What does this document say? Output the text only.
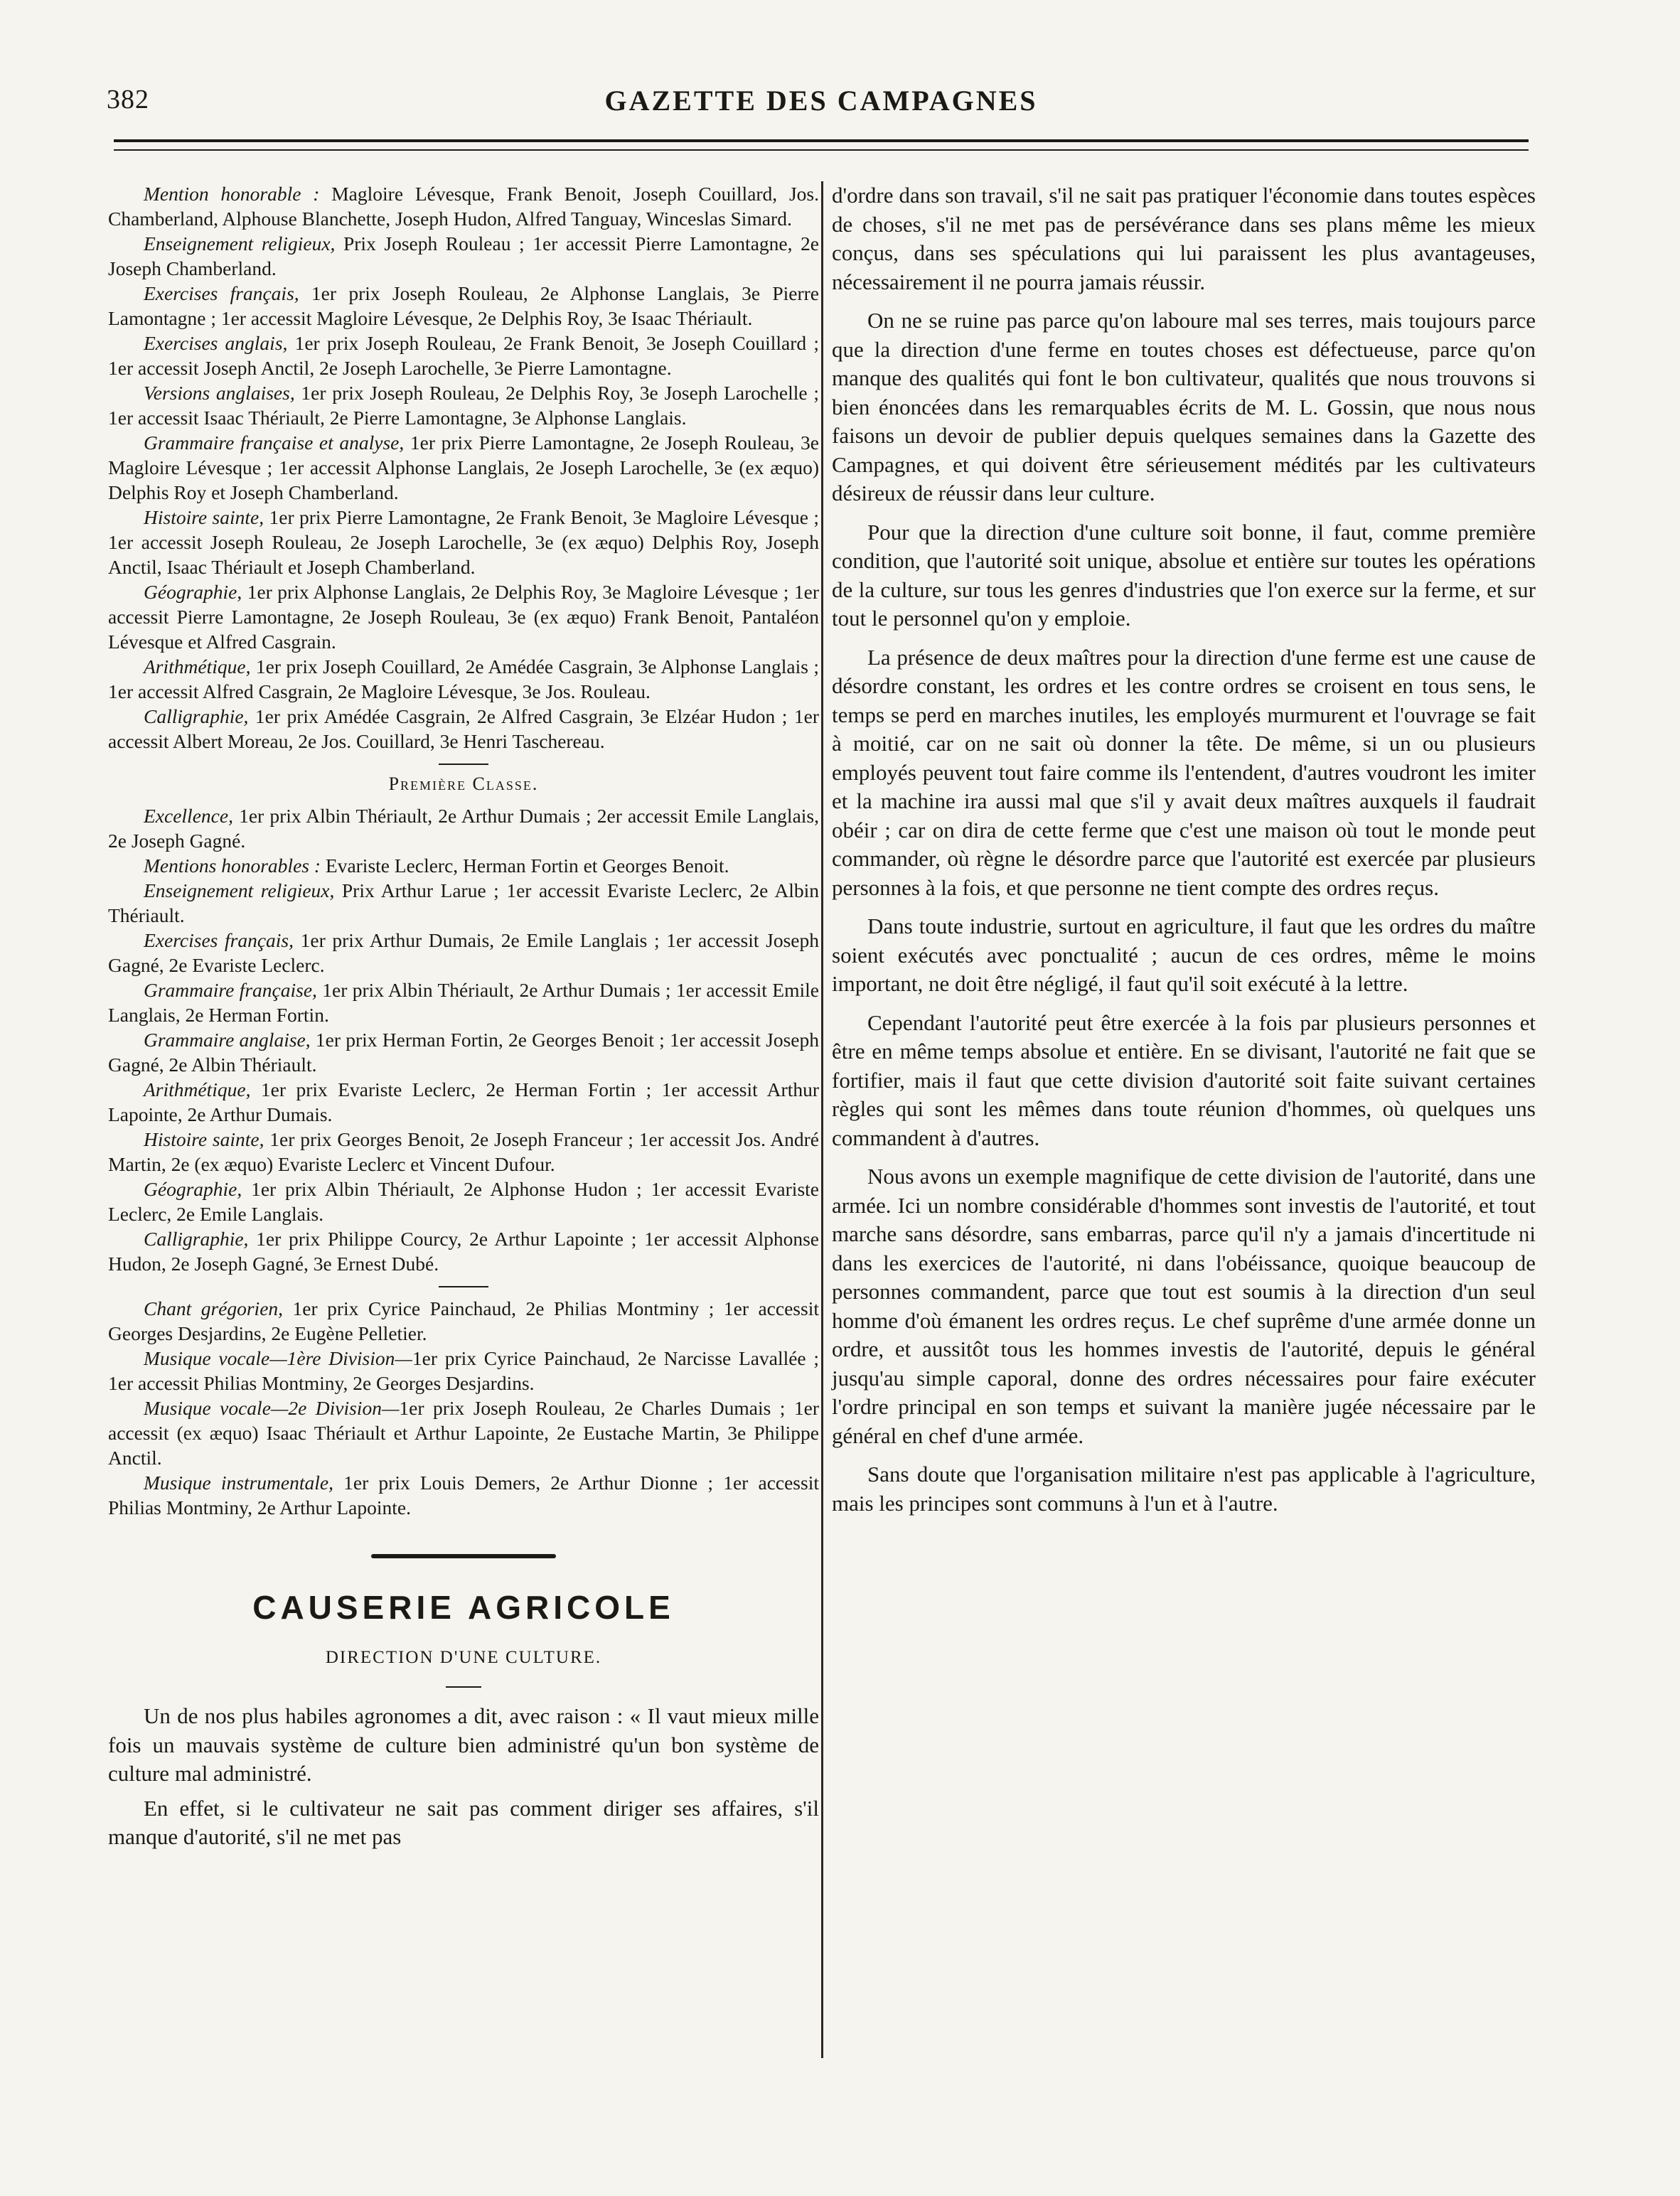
382	GAZETTE DES CAMPAGNES

Mention honorable : Magloire Lévesque, Frank Benoit, Joseph Couillard, Jos. Chamberland, Alphouse Blanchette, Joseph Hudon, Alfred Tanguay, Winceslas Simard.

Enseignement religieux, Prix Joseph Rouleau ; 1er accessit Pierre Lamontagne, 2e Joseph Chamberland.

Exercises français, 1er prix Joseph Rouleau, 2e Alphonse Langlais, 3e Pierre Lamontagne ; 1er accessit Magloire Lévesque, 2e Delphis Roy, 3e Isaac Thériault.

Exercises anglais, 1er prix Joseph Rouleau, 2e Frank Benoit, 3e Joseph Couillard ; 1er accessit Joseph Anctil, 2e Joseph Larochelle, 3e Pierre Lamontagne.

Versions anglaises, 1er prix Joseph Rouleau, 2e Delphis Roy, 3e Joseph Larochelle ; 1er accessit Isaac Thériault, 2e Pierre Lamontagne, 3e Alphonse Langlais.

Grammaire française et analyse, 1er prix Pierre Lamontagne, 2e Joseph Rouleau, 3e Magloire Lévesque ; 1er accessit Alphonse Langlais, 2e Joseph Larochelle, 3e (ex æquo) Delphis Roy et Joseph Chamberland.

Histoire sainte, 1er prix Pierre Lamontagne, 2e Frank Benoit, 3e Magloire Lévesque ; 1er accessit Joseph Rouleau, 2e Joseph Larochelle, 3e (ex æquo) Delphis Roy, Joseph Anctil, Isaac Thériault et Joseph Chamberland.

Géographie, 1er prix Alphonse Langlais, 2e Delphis Roy, 3e Magloire Lévesque ; 1er accessit Pierre Lamontagne, 2e Joseph Rouleau, 3e (ex æquo) Frank Benoit, Pantaléon Lévesque et Alfred Casgrain.

Arithmétique, 1er prix Joseph Couillard, 2e Amédée Casgrain, 3e Alphonse Langlais ; 1er accessit Alfred Casgrain, 2e Magloire Lévesque, 3e Jos. Rouleau.

Calligraphie, 1er prix Amédée Casgrain, 2e Alfred Casgrain, 3e Elzéar Hudon ; 1er accessit Albert Moreau, 2e Jos. Couillard, 3e Henri Taschereau.

Première Classe.

Excellence, 1er prix Albin Thériault, 2e Arthur Dumais ; 2er accessit Emile Langlais, 2e Joseph Gagné.

Mentions honorables : Evariste Leclerc, Herman Fortin et Georges Benoit.

Enseignement religieux, Prix Arthur Larue ; 1er accessit Evariste Leclerc, 2e Albin Thériault.

Exercises français, 1er prix Arthur Dumais, 2e Emile Langlais ; 1er accessit Joseph Gagné, 2e Evariste Leclerc.

Grammaire française, 1er prix Albin Thériault, 2e Arthur Dumais ; 1er accessit Emile Langlais, 2e Herman Fortin.

Grammaire anglaise, 1er prix Herman Fortin, 2e Georges Benoit ; 1er accessit Joseph Gagné, 2e Albin Thériault.

Arithmétique, 1er prix Evariste Leclerc, 2e Herman Fortin ; 1er accessit Arthur Lapointe, 2e Arthur Dumais.

Histoire sainte, 1er prix Georges Benoit, 2e Joseph Franceur ; 1er accessit Jos. André Martin, 2e (ex æquo) Evariste Leclerc et Vincent Dufour.

Géographie, 1er prix Albin Thériault, 2e Alphonse Hudon ; 1er accessit Evariste Leclerc, 2e Emile Langlais.

Calligraphie, 1er prix Philippe Courcy, 2e Arthur Lapointe ; 1er accessit Alphonse Hudon, 2e Joseph Gagné, 3e Ernest Dubé.

Chant grégorien, 1er prix Cyrice Painchaud, 2e Philias Montminy ; 1er accessit Georges Desjardins, 2e Eugène Pelletier.

Musique vocale—1ère Division—1er prix Cyrice Painchaud, 2e Narcisse Lavallée ; 1er accessit Philias Montminy, 2e Georges Desjardins.

Musique vocale—2e Division—1er prix Joseph Rouleau, 2e Charles Dumais ; 1er accessit (ex æquo) Isaac Thériault et Arthur Lapointe, 2e Eustache Martin, 3e Philippe Anctil.

Musique instrumentale, 1er prix Louis Demers, 2e Arthur Dionne ; 1er accessit Philias Montminy, 2e Arthur Lapointe.

CAUSERIE AGRICOLE
DIRECTION D'UNE CULTURE.

Un de nos plus habiles agronomes a dit, avec raison : « Il vaut mieux mille fois un mauvais système de culture bien administré qu'un bon système de culture mal administré.

En effet, si le cultivateur ne sait pas comment diriger ses affaires, s'il manque d'autorité, s'il ne met pas

d'ordre dans son travail, s'il ne sait pas pratiquer l'économie dans toutes espèces de choses, s'il ne met pas de persévérance dans ses plans même les mieux conçus, dans ses spéculations qui lui paraissent les plus avantageuses, nécessairement il ne pourra jamais réussir.

On ne se ruine pas parce qu'on laboure mal ses terres, mais toujours parce que la direction d'une ferme en toutes choses est défectueuse, parce qu'on manque des qualités qui font le bon cultivateur, qualités que nous trouvons si bien énoncées dans les remarquables écrits de M. L. Gossin, que nous nous faisons un devoir de publier depuis quelques semaines dans la Gazette des Campagnes, et qui doivent être sérieusement médités par les cultivateurs désireux de réussir dans leur culture.

Pour que la direction d'une culture soit bonne, il faut, comme première condition, que l'autorité soit unique, absolue et entière sur toutes les opérations de la culture, sur tous les genres d'industries que l'on exerce sur la ferme, et sur tout le personnel qu'on y emploie.

La présence de deux maîtres pour la direction d'une ferme est une cause de désordre constant, les ordres et les contre ordres se croisent en tous sens, le temps se perd en marches inutiles, les employés murmurent et l'ouvrage se fait à moitié, car on ne sait où donner la tête. De même, si un ou plusieurs employés peuvent tout faire comme ils l'entendent, d'autres voudront les imiter et la machine ira aussi mal que s'il y avait deux maîtres auxquels il faudrait obéir ; car on dira de cette ferme que c'est une maison où tout le monde peut commander, où règne le désordre parce que l'autorité est exercée par plusieurs personnes à la fois, et que personne ne tient compte des ordres reçus.

Dans toute industrie, surtout en agriculture, il faut que les ordres du maître soient exécutés avec ponctualité ; aucun de ces ordres, même le moins important, ne doit être négligé, il faut qu'il soit exécuté à la lettre.

Cependant l'autorité peut être exercée à la fois par plusieurs personnes et être en même temps absolue et entière. En se divisant, l'autorité ne fait que se fortifier, mais il faut que cette division d'autorité soit faite suivant certaines règles qui sont les mêmes dans toute réunion d'hommes, où quelques uns commandent à d'autres.

Nous avons un exemple magnifique de cette division de l'autorité, dans une armée. Ici un nombre considérable d'hommes sont investis de l'autorité, et tout marche sans désordre, sans embarras, parce qu'il n'y a jamais d'incertitude ni dans les exercices de l'autorité, ni dans l'obéissance, quoique beaucoup de personnes commandent, parce que tout est soumis à la direction d'un seul homme d'où émanent les ordres reçus. Le chef suprême d'une armée donne un ordre, et aussitôt tous les hommes investis de l'autorité, depuis le général jusqu'au simple caporal, donne des ordres nécessaires pour faire exécuter l'ordre principal en son temps et suivant la manière jugée nécessaire par le général en chef d'une armée.

Sans doute que l'organisation militaire n'est pas applicable à l'agriculture, mais les principes sont communs à l'un et à l'autre.
